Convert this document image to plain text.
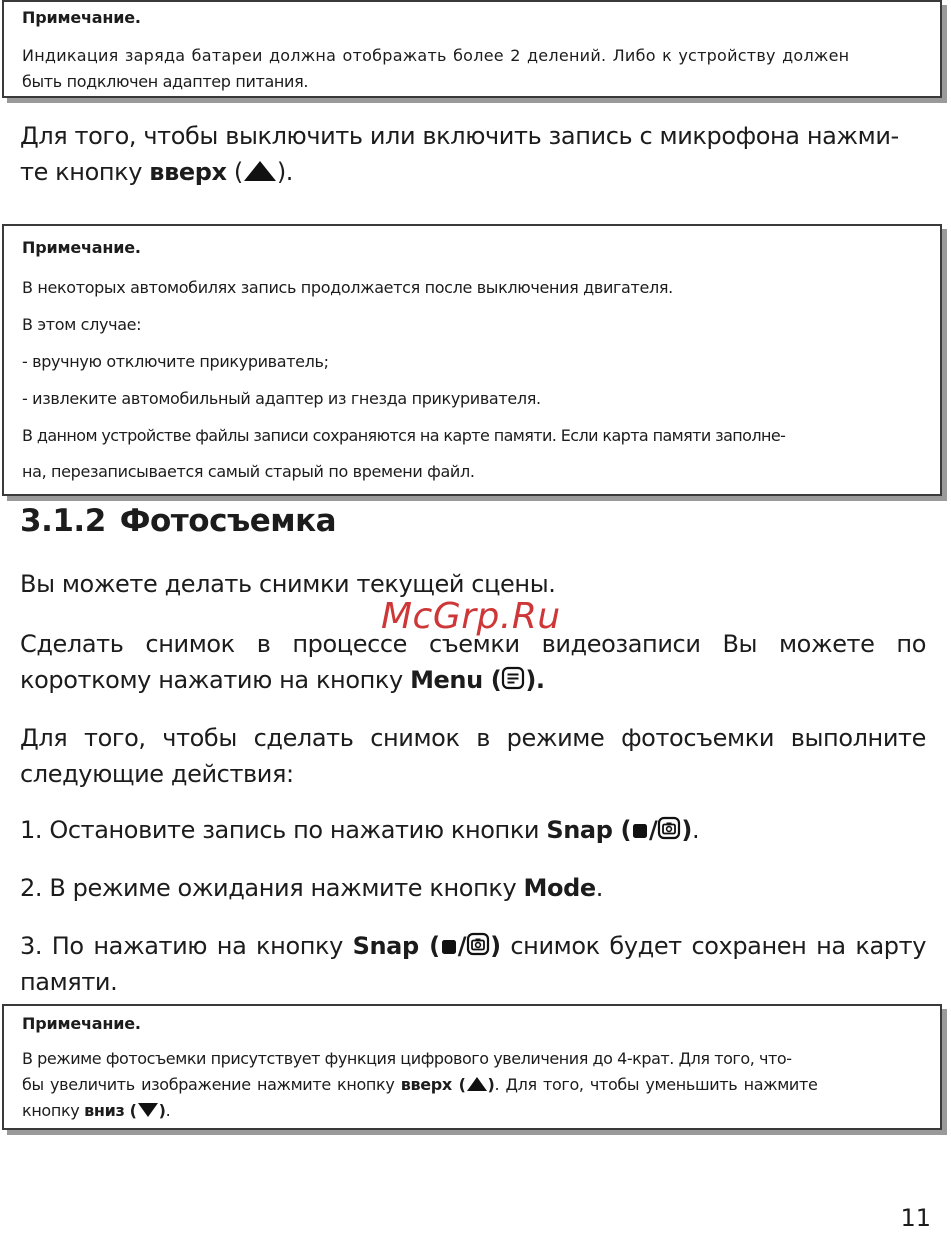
Примечание.
Индикация заряда батареи должна отображать более 2 делений. Либо к устройству должен
быть подключен адаптер питания.
Для того, чтобы выключить или включить запись с микрофона нажми-
те кнопку вверх ( ).
Примечание.
В некоторых автомобилях запись продолжается после выключения двигателя.
В этом случае:
- вручную отключите прикуриватель;
- извлеките автомобильный адаптер из гнезда прикуривателя.
В данном устройстве файлы записи сохраняются на карте памяти. Если карта памяти заполне-
на, перезаписывается самый старый по времени файл.
3.1.2 Фотосъемка
Вы можете делать снимки текущей сцены.
McGrp.Ru
Сделать снимок в процессе съемки видеозаписи Вы можете по
короткому нажатию на кнопку Menu ( ).
Для того, чтобы сделать снимок в режиме фотосъемки выполните
следующие действия:
1. Остановите запись по нажатию кнопки Snap ( / ).
2. В режиме ожидания нажмите кнопку Mode.
3. По нажатию на кнопку Snap ( / ) снимок будет сохранен на карту
памяти.
Примечание.
В режиме фотосъемки присутствует функция цифрового увеличения до 4-крат. Для того, что-
бы увеличить изображение нажмите кнопку вверх ( ). Для того, чтобы уменьшить нажмите
кнопку вниз ( ).
11
